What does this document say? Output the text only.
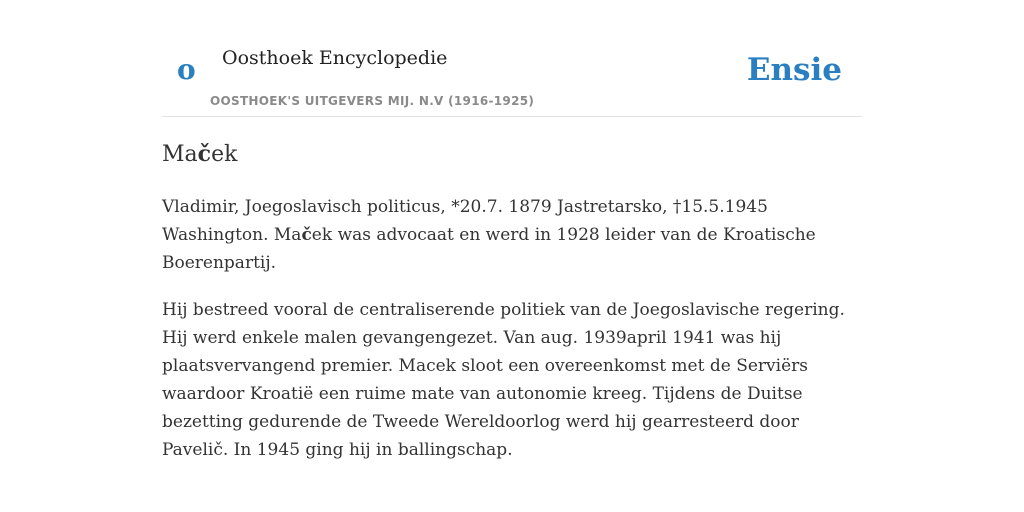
o Oosthoek Encyclopedie
OOSTHOEK'S UITGEVERS MIJ. N.V (1916-1925)
Ensie
Maček

Vladimir, Joegoslavisch politicus, *20.7. 1879 Jastretarsko, †15.5.1945 Washington. Maček was advocaat en werd in 1928 leider van de Kroatische Boerenpartij.

Hij bestreed vooral de centraliserende politiek van de Joegoslavische regering. Hij werd enkele malen gevangengezet. Van aug. 1939april 1941 was hij plaatsvervangend premier. Macek sloot een overeenkomst met de Serviërs waardoor Kroatië een ruime mate van autonomie kreeg. Tijdens de Duitse bezetting gedurende de Tweede Wereldoorlog werd hij gearresteerd door Pavelič. In 1945 ging hij in ballingschap.
